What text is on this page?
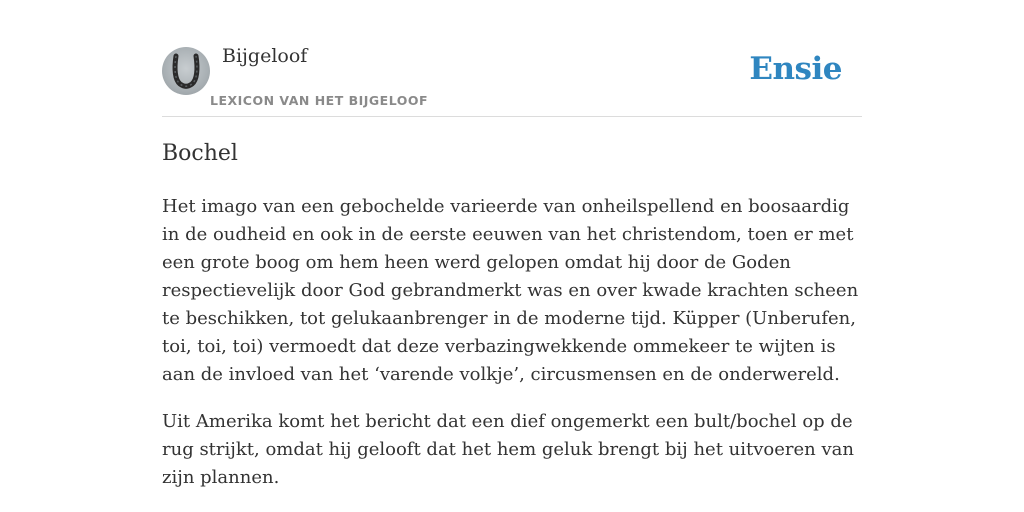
Bijgeloof
LEXICON VAN HET BIJGELOOF
Ensie
Bochel

Het imago van een gebochelde varieerde van onheilspellend en boosaardig in de oudheid en ook in de eerste eeuwen van het christendom, toen er met een grote boog om hem heen werd gelopen omdat hij door de Goden respectievelijk door God gebrandmerkt was en over kwade krachten scheen te beschikken, tot gelukaanbrenger in de moderne tijd. Küpper (Unberufen, toi, toi, toi) vermoedt dat deze verbazingwekkende ommekeer te wijten is aan de invloed van het ‘varende volkje’, circusmensen en de onderwereld.

Uit Amerika komt het bericht dat een dief ongemerkt een bult/bochel op de rug strijkt, omdat hij gelooft dat het hem geluk brengt bij het uitvoeren van zijn plannen.
